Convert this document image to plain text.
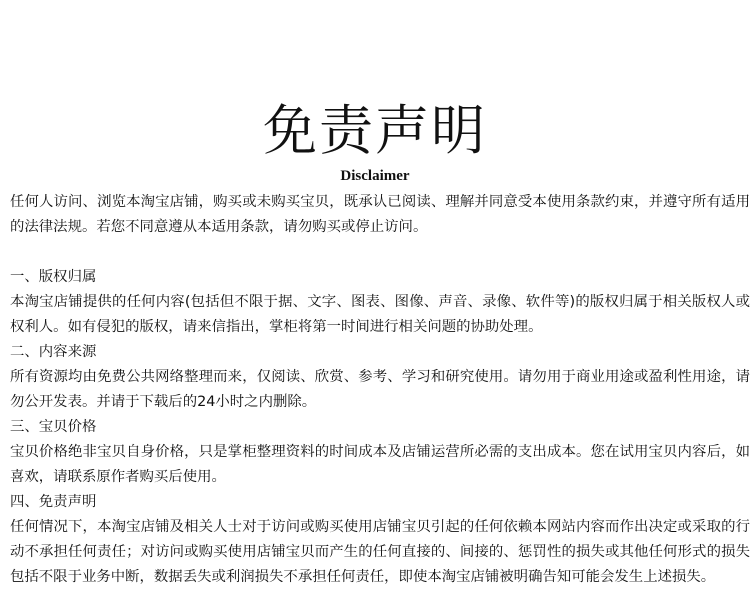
免责声明
Disclaimer

任何人访问、浏览本淘宝店铺，购买或未购买宝贝，既承认已阅读、理解并同意受本使用条款约束，并遵守所有适用的法律法规。若您不同意遵从本适用条款，请勿购买或停止访问。

一、版权归属

本淘宝店铺提供的任何内容(包括但不限于据、文字、图表、图像、声音、录像、软件等)的版权归属于相关版权人或权利人。如有侵犯的版权，请来信指出，掌柜将第一时间进行相关问题的协助处理。

二、内容来源

所有资源均由免费公共网络整理而来，仅阅读、欣赏、参考、学习和研究使用。请勿用于商业用途或盈利性用途，请勿公开发表。并请于下载后的24小时之内删除。

三、宝贝价格

宝贝价格绝非宝贝自身价格，只是掌柜整理资料的时间成本及店铺运营所必需的支出成本。您在试用宝贝内容后，如喜欢，请联系原作者购买后使用。

四、免责声明

任何情况下，本淘宝店铺及相关人士对于访问或购买使用店铺宝贝引起的任何依赖本网站内容而作出决定或采取的行动不承担任何责任；对访问或购买使用店铺宝贝而产生的任何直接的、间接的、惩罚性的损失或其他任何形式的损失包括不限于业务中断，数据丢失或利润损失不承担任何责任，即使本淘宝店铺被明确告知可能会发生上述损失。
